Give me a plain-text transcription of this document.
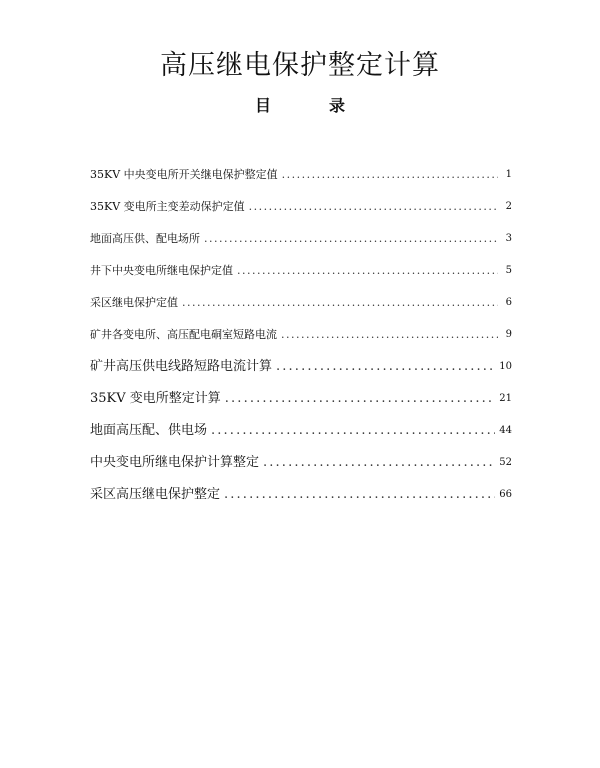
高压继电保护整定计算
目	录
35KV 中央变电所开关继电保护整定值 . . .	1
35KV 变电所主变差动保护定值 . . .	2
地面高压供、配电场所 . . .	3
井下中央变电所继电保护定值 . . .	5
采区继电保护定值 . . .	6
矿井各变电所、高压配电硐室短路电流 . . .	9
矿井高压供电线路短路电流计算 . . .	10
35KV 变电所整定计算 . . .	21
地面高压配、供电场 . . .	44
中央变电所继电保护计算整定 . . .	52
采区高压继电保护整定 . . .	66
